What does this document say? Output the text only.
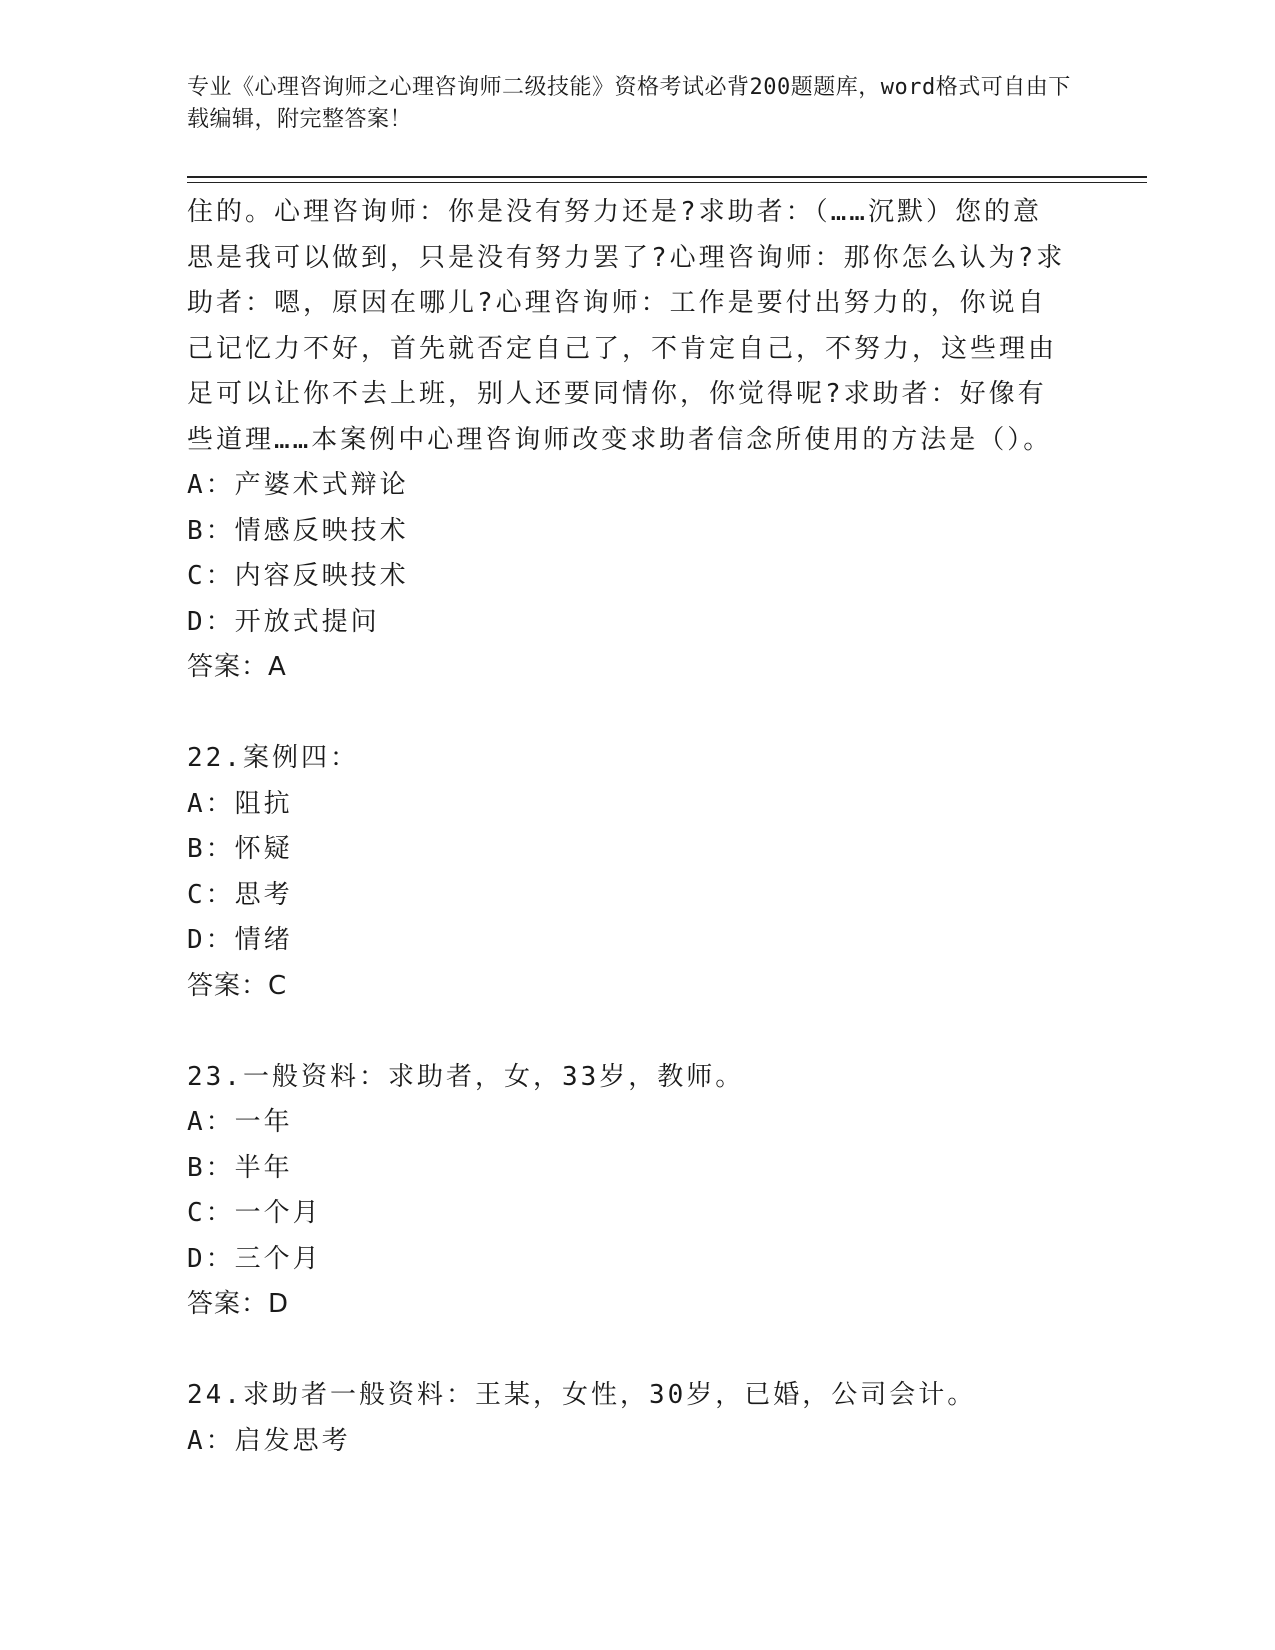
专业《心理咨询师之心理咨询师二级技能》资格考试必背200题题库，word格式可自由下载编辑，附完整答案！
住的。心理咨询师：你是没有努力还是?求助者：（……沉默）您的意思是我可以做到，只是没有努力罢了?心理咨询师：那你怎么认为?求助者：嗯，原因在哪儿?心理咨询师：工作是要付出努力的，你说自己记忆力不好，首先就否定自己了，不肯定自己，不努力，这些理由足可以让你不去上班，别人还要同情你，你觉得呢?求助者：好像有些道理……本案例中心理咨询师改变求助者信念所使用的方法是（）。
A：产婆术式辩论
B：情感反映技术
C：内容反映技术
D：开放式提问
答案：A
22.案例四：
A：阻抗
B：怀疑
C：思考
D：情绪
答案：C
23.一般资料：求助者，女，33岁，教师。
A：一年
B：半年
C：一个月
D：三个月
答案：D
24.求助者一般资料：王某，女性，30岁，已婚，公司会计。
A：启发思考
